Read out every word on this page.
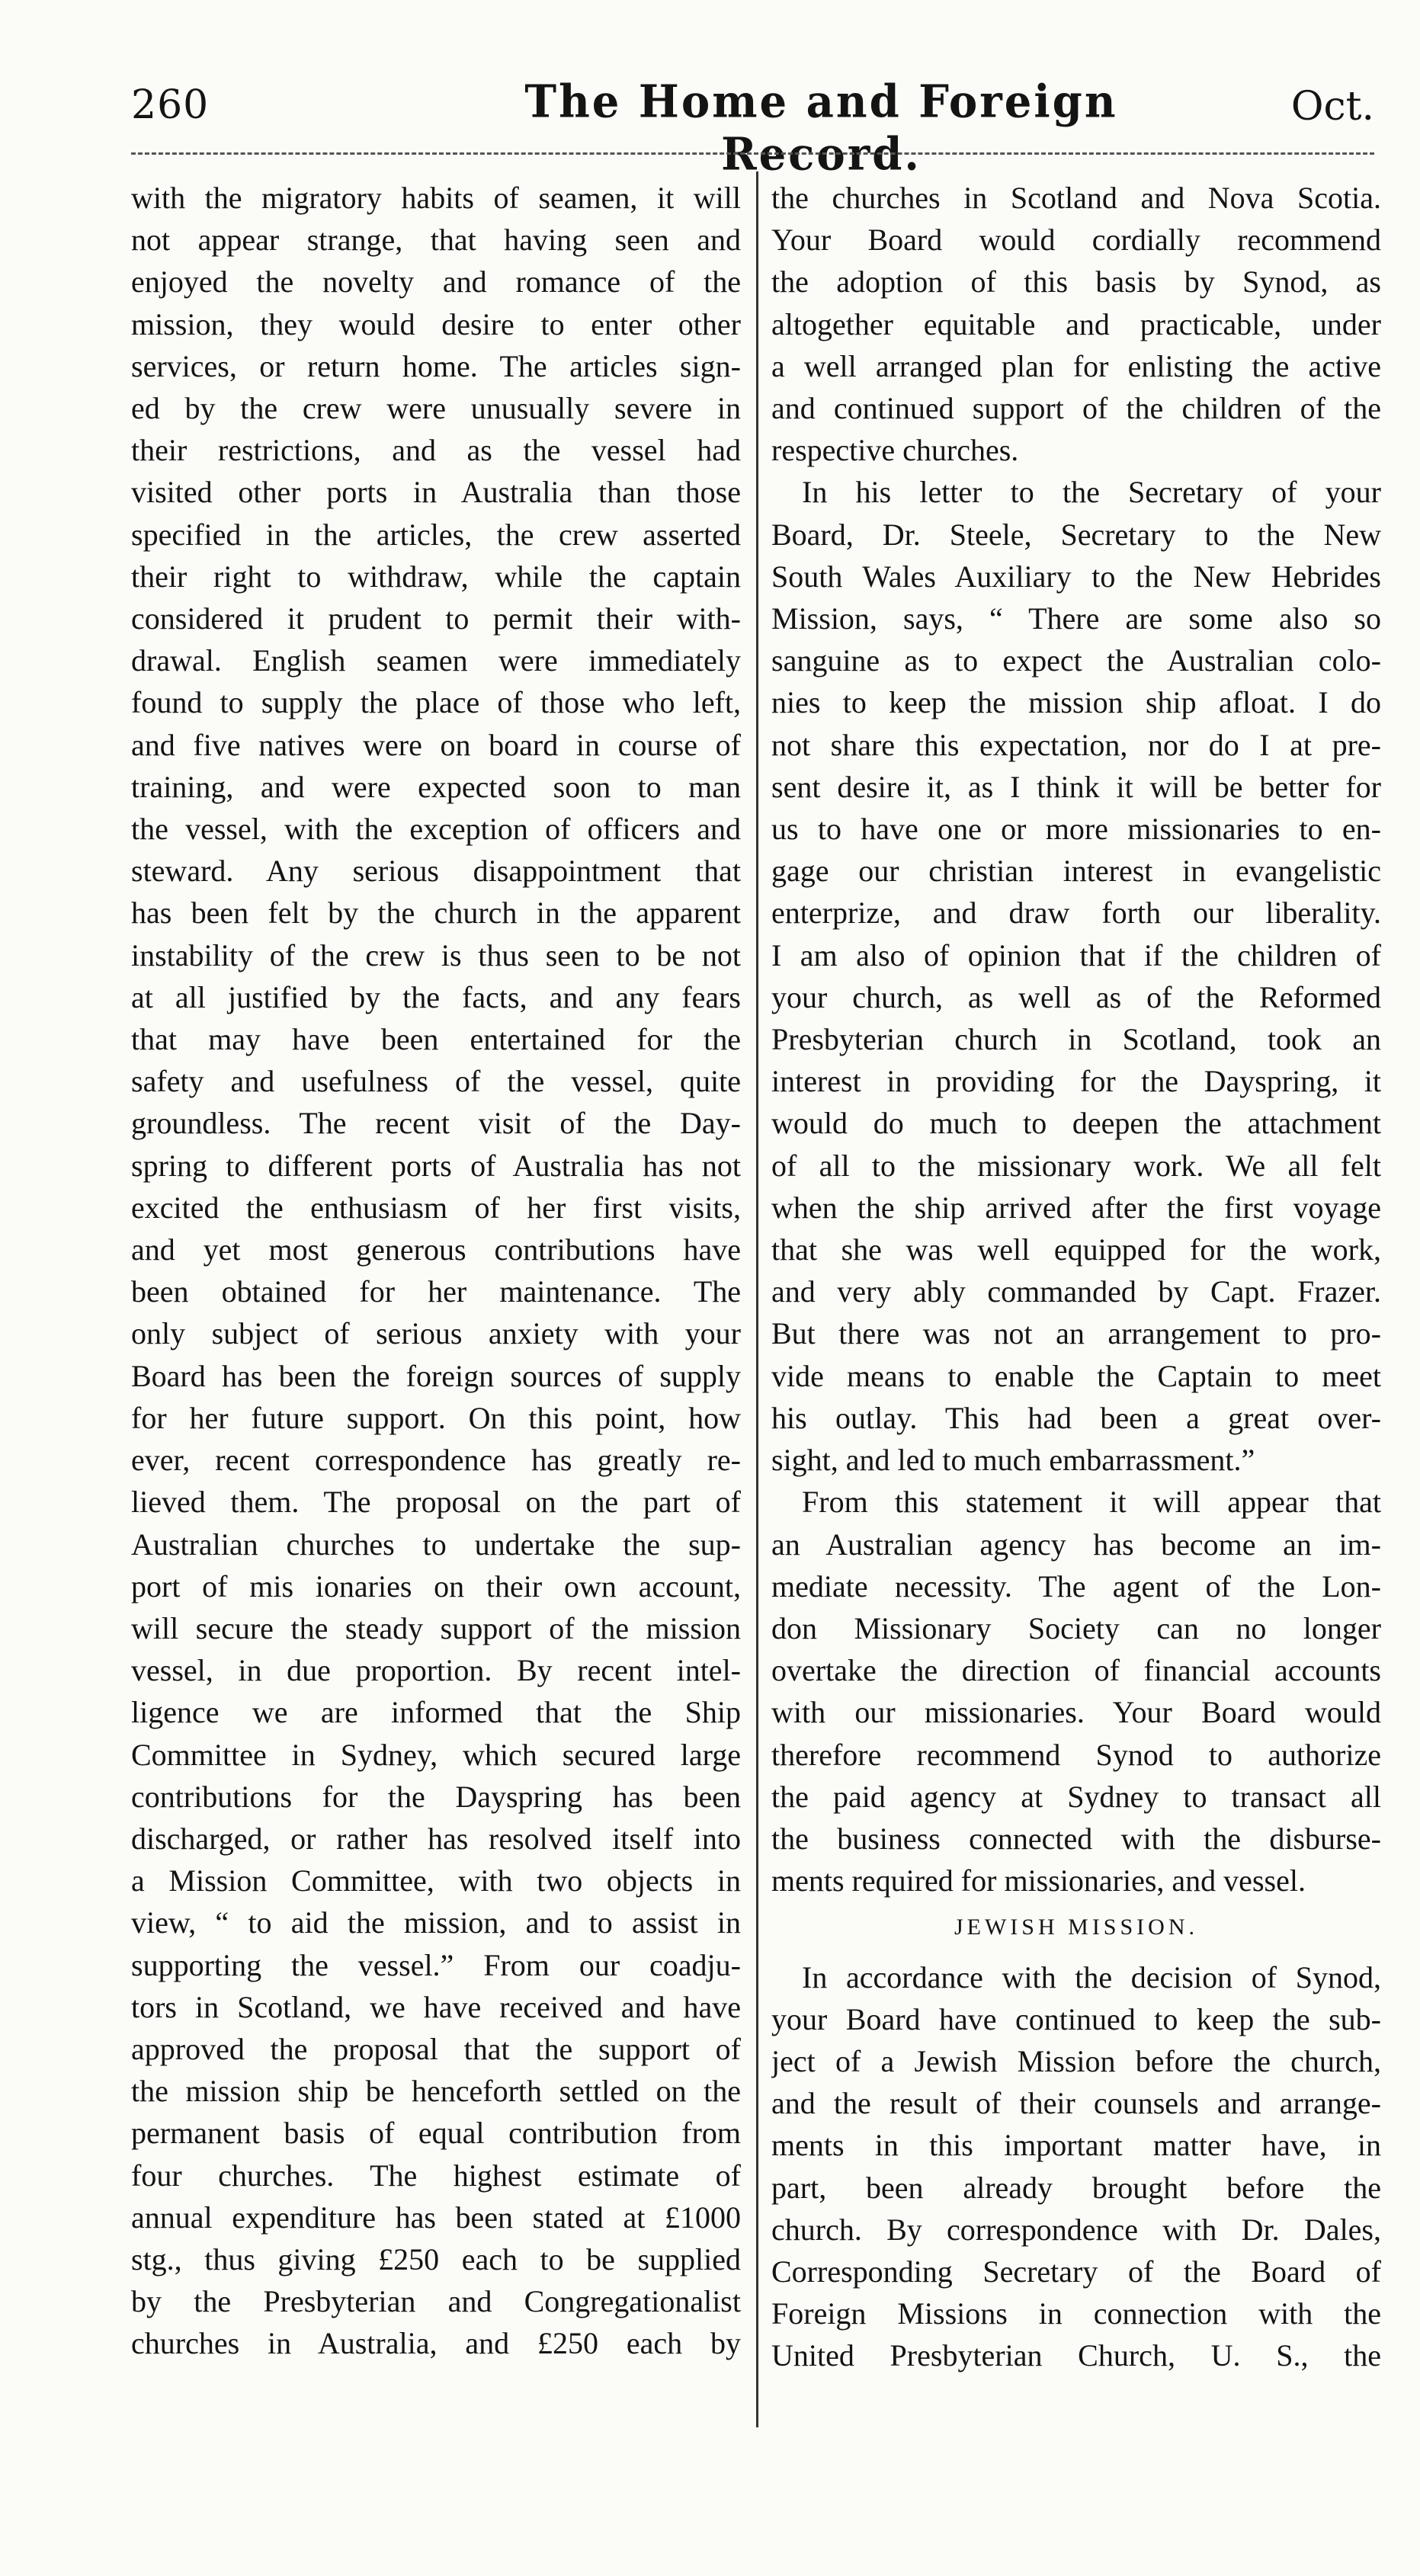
260	The Home and Foreign Record.
Oct.
with the migratory habits of seamen, it will
not appear strange, that having seen and
enjoyed the novelty and romance of the
mission, they would desire to enter other
services, or return home. The articles sign-
ed by the crew were unusually severe in
their restrictions, and as the vessel had
visited other ports in Australia than those
specified in the articles, the crew asserted
their right to withdraw, while the captain
considered it prudent to permit their with-
drawal. English seamen were immediately
found to supply the place of those who left,
and five natives were on board in course of
training, and were expected soon to man
the vessel, with the exception of officers and
steward. Any serious disappointment that
has been felt by the church in the apparent
instability of the crew is thus seen to be not
at all justified by the facts, and any fears
that may have been entertained for the
safety and usefulness of the vessel, quite
groundless. The recent visit of the Day-
spring to different ports of Australia has not
excited the enthusiasm of her first visits,
and yet most generous contributions have
been obtained for her maintenance. The
only subject of serious anxiety with your
Board has been the foreign sources of supply
for her future support. On this point, how
ever, recent correspondence has greatly re-
lieved them. The proposal on the part of
Australian churches to undertake the sup-
port of mis ionaries on their own account,
will secure the steady support of the mission
vessel, in due proportion. By recent intel-
ligence we are informed that the Ship
Committee in Sydney, which secured large
contributions for the Dayspring has been
discharged, or rather has resolved itself into
a Mission Committee, with two objects in
view, “ to aid the mission, and to assist in
supporting the vessel.” From our coadju-
tors in Scotland, we have received and have
approved the proposal that the support of
the mission ship be henceforth settled on the
permanent basis of equal contribution from
four churches. The highest estimate of
annual expenditure has been stated at £1000
stg., thus giving £250 each to be supplied
by the Presbyterian and Congregationalist
churches in Australia, and £250 each by
the churches in Scotland and Nova Scotia.
Your Board would cordially recommend
the adoption of this basis by Synod, as
altogether equitable and practicable, under
a well arranged plan for enlisting the active
and continued support of the children of the
respective churches.
In his letter to the Secretary of your
Board, Dr. Steele, Secretary to the New
South Wales Auxiliary to the New Hebrides
Mission, says, “ There are some also so
sanguine as to expect the Australian colo-
nies to keep the mission ship afloat. I do
not share this expectation, nor do I at pre-
sent desire it, as I think it will be better for
us to have one or more missionaries to en-
gage our christian interest in evangelistic
enterprize, and draw forth our liberality.
I am also of opinion that if the children of
your church, as well as of the Reformed
Presbyterian church in Scotland, took an
interest in providing for the Dayspring, it
would do much to deepen the attachment
of all to the missionary work. We all felt
when the ship arrived after the first voyage
that she was well equipped for the work,
and very ably commanded by Capt. Frazer.
But there was not an arrangement to pro-
vide means to enable the Captain to meet
his outlay. This had been a great over-
sight, and led to much embarrassment.”
From this statement it will appear that
an Australian agency has become an im-
mediate necessity. The agent of the Lon-
don Missionary Society can no longer
overtake the direction of financial accounts
with our missionaries. Your Board would
therefore recommend Synod to authorize
the paid agency at Sydney to transact all
the business connected with the disburse-
ments required for missionaries, and vessel.
JEWISH MISSION.
In accordance with the decision of Synod,
your Board have continued to keep the sub-
ject of a Jewish Mission before the church,
and the result of their counsels and arrange-
ments in this important matter have, in
part, been already brought before the
church. By correspondence with Dr. Dales,
Corresponding Secretary of the Board of
Foreign Missions in connection with the
United Presbyterian Church, U. S., the
